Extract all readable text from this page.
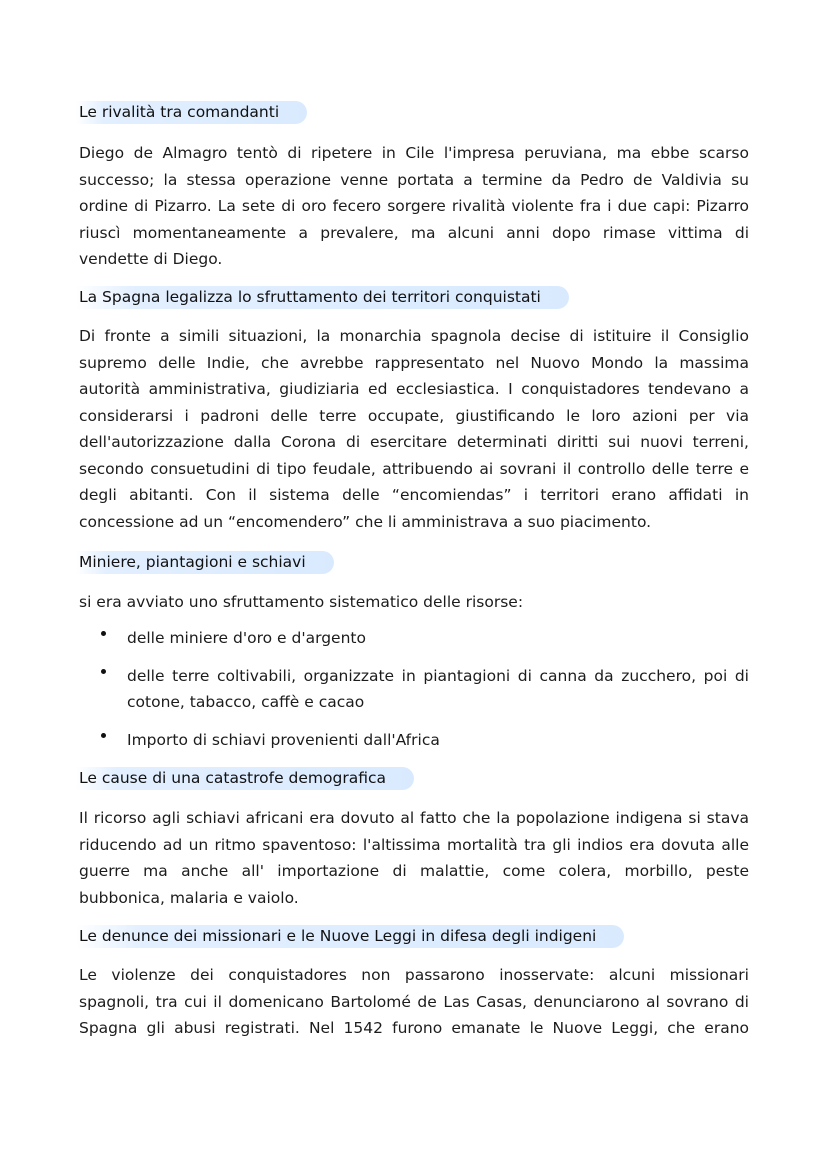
Le rivalità tra comandanti
Diego de Almagro tentò di ripetere in Cile l'impresa peruviana, ma ebbe scarso
successo; la stessa operazione venne portata a termine da Pedro de Valdivia su
ordine di Pizarro. La sete di oro fecero sorgere rivalità violente fra i due capi: Pizarro
riuscì momentaneamente a prevalere, ma alcuni anni dopo rimase vittima di
vendette di Diego.
La Spagna legalizza lo sfruttamento dei territori conquistati
Di fronte a simili situazioni, la monarchia spagnola decise di istituire il Consiglio
supremo delle Indie, che avrebbe rappresentato nel Nuovo Mondo la massima
autorità amministrativa, giudiziaria ed ecclesiastica. I conquistadores tendevano a
considerarsi i padroni delle terre occupate, giustificando le loro azioni per via
dell'autorizzazione dalla Corona di esercitare determinati diritti sui nuovi terreni,
secondo consuetudini di tipo feudale, attribuendo ai sovrani il controllo delle terre e
degli abitanti. Con il sistema delle “encomiendas” i territori erano affidati in
concessione ad un “encomendero” che li amministrava a suo piacimento.
Miniere, piantagioni e schiavi
si era avviato uno sfruttamento sistematico delle risorse:
delle miniere d'oro e d'argento
delle terre coltivabili, organizzate in piantagioni di canna da zucchero, poi di
cotone, tabacco, caffè e cacao
Importo di schiavi provenienti dall'Africa
Le cause di una catastrofe demografica
Il ricorso agli schiavi africani era dovuto al fatto che la popolazione indigena si stava
riducendo ad un ritmo spaventoso: l'altissima mortalità tra gli indios era dovuta alle
guerre ma anche all' importazione di malattie, come colera, morbillo, peste
bubbonica, malaria e vaiolo.
Le denunce dei missionari e le Nuove Leggi in difesa degli indigeni
Le violenze dei conquistadores non passarono inosservate: alcuni missionari
spagnoli, tra cui il domenicano Bartolomé de Las Casas, denunciarono al sovrano di
Spagna gli abusi registrati. Nel 1542 furono emanate le Nuove Leggi, che erano
